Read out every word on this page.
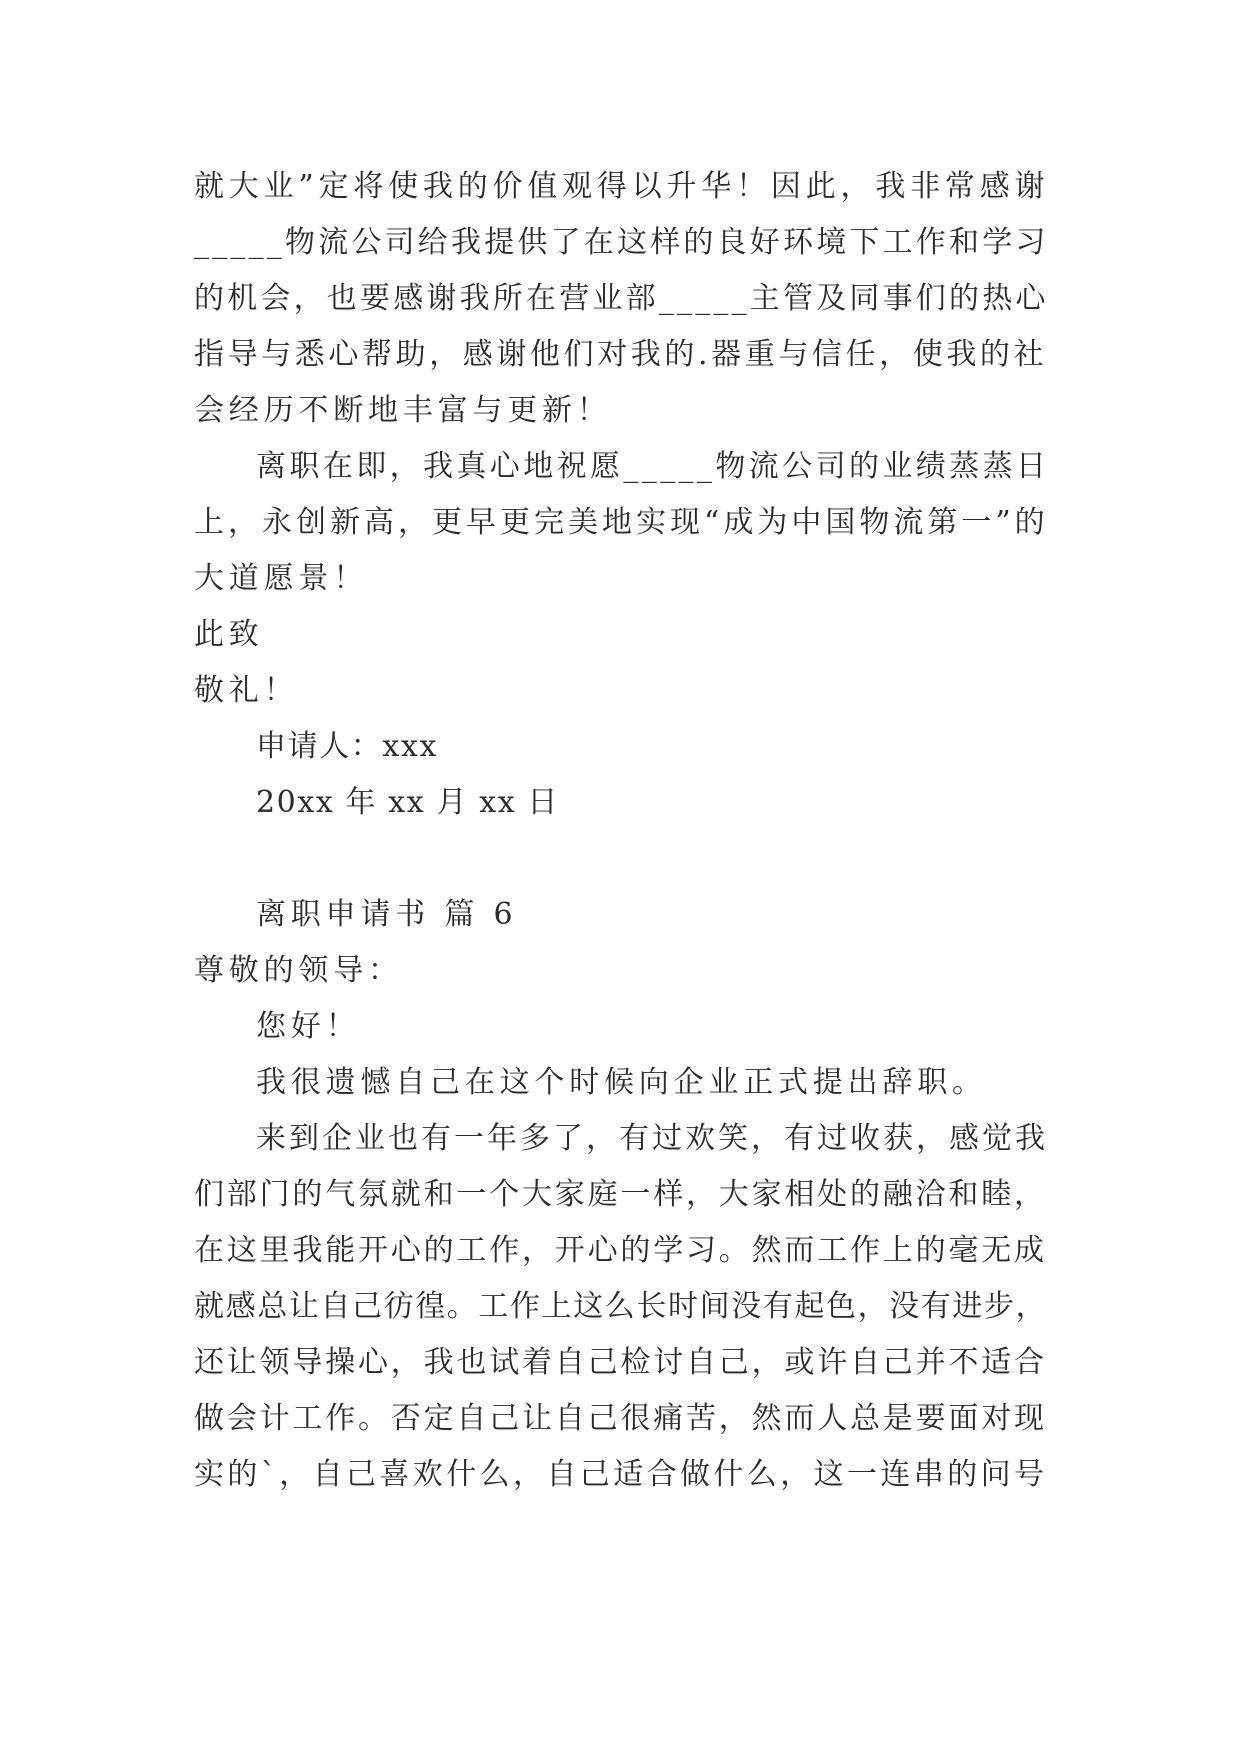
就大业”定将使我的价值观得以升华！因此，我非常感谢

_____物流公司给我提供了在这样的良好环境下工作和学习

的机会，也要感谢我所在营业部_____主管及同事们的热心

指导与悉心帮助，感谢他们对我的.器重与信任，使我的社

会经历不断地丰富与更新！

离职在即，我真心地祝愿_____物流公司的业绩蒸蒸日

上，永创新高，更早更完美地实现“成为中国物流第一”的

大道愿景！

此致

敬礼！

申请人：xxx

20xx 年 xx 月 xx 日

离职申请书 篇 6

尊敬的领导：

您好！

我很遗憾自己在这个时候向企业正式提出辞职。

来到企业也有一年多了，有过欢笑，有过收获，感觉我

们部门的气氛就和一个大家庭一样，大家相处的融洽和睦，

在这里我能开心的工作，开心的学习。然而工作上的毫无成

就感总让自己彷徨。工作上这么长时间没有起色，没有进步，

还让领导操心，我也试着自己检讨自己，或许自己并不适合

做会计工作。否定自己让自己很痛苦，然而人总是要面对现

实的`，自己喜欢什么，自己适合做什么，这一连串的问号
